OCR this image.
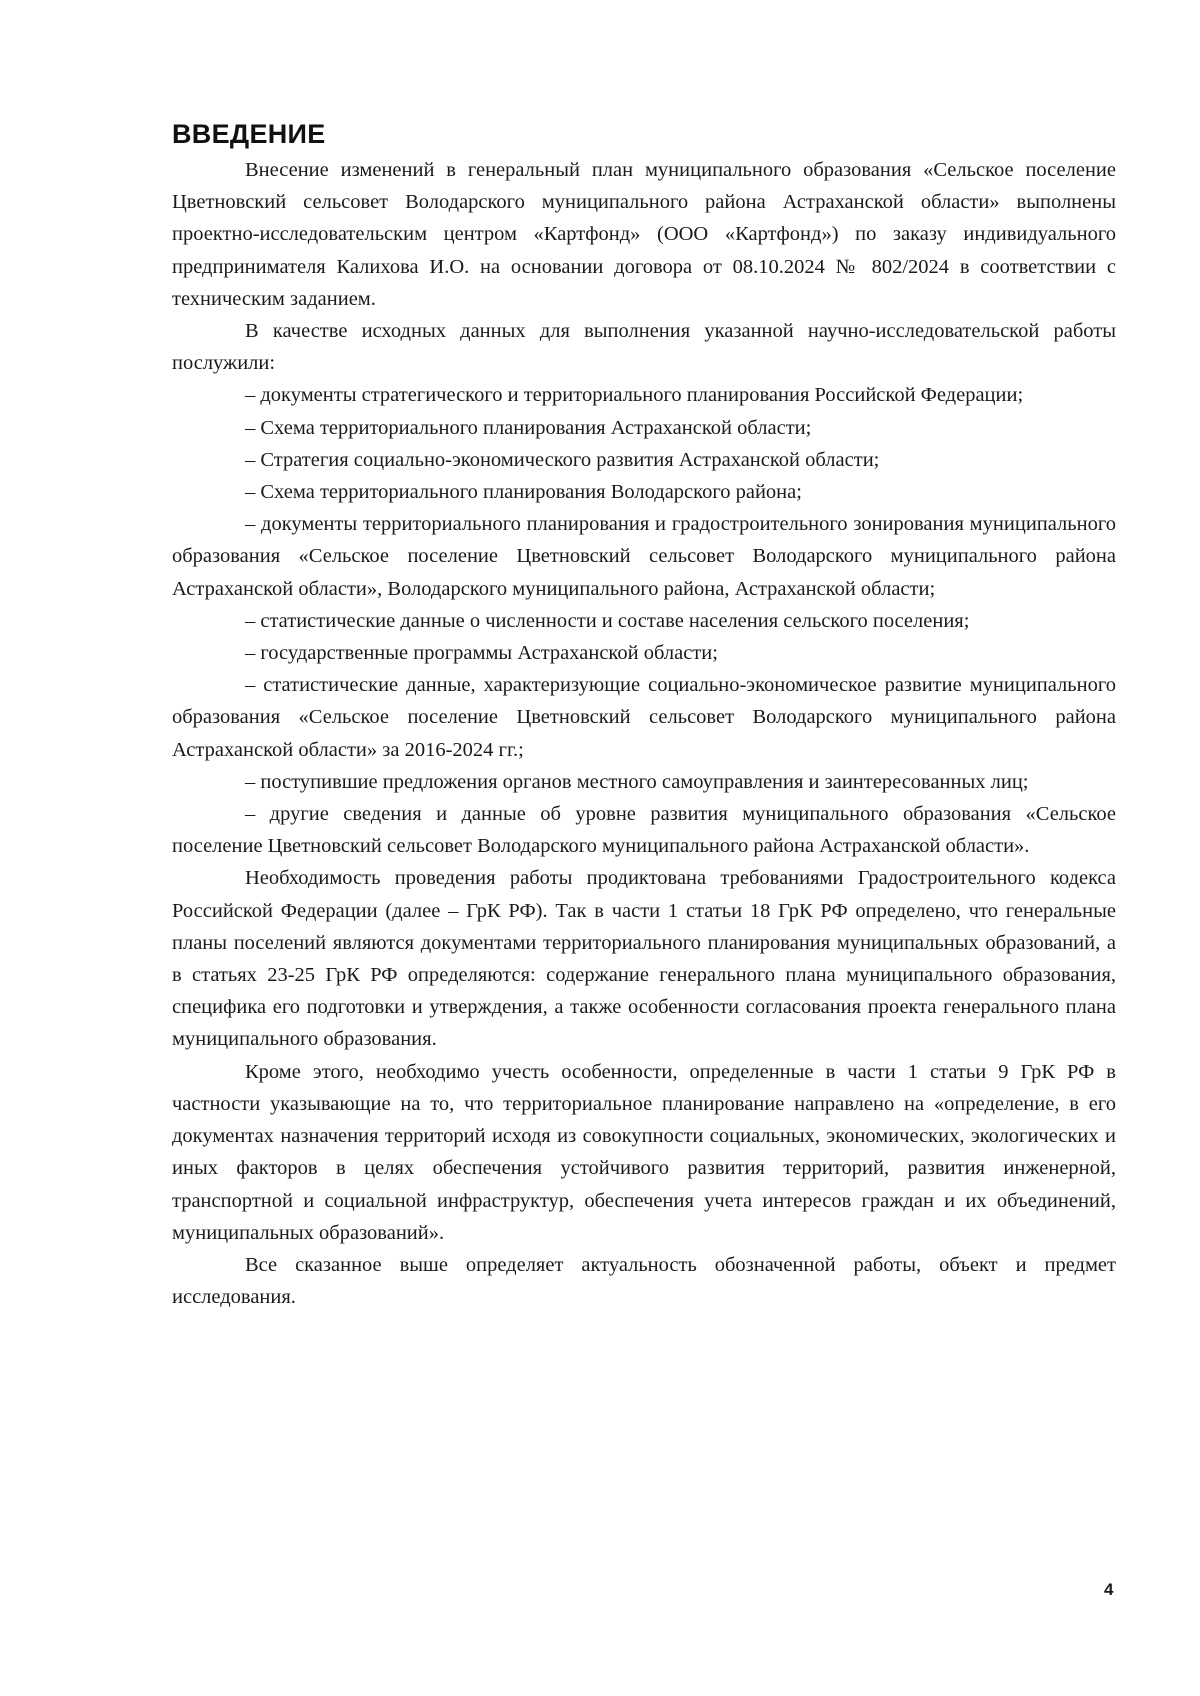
ВВЕДЕНИЕ

Внесение изменений в генеральный план муниципального образования «Сельское поселение Цветновский сельсовет Володарского муниципального района Астраханской области» выполнены проектно-исследовательским центром «Картфонд» (ООО «Картфонд») по заказу индивидуального предпринимателя Калихова И.О. на основании договора от 08.10.2024 № 802/2024 в соответствии с техническим заданием.

В качестве исходных данных для выполнения указанной научно-исследовательской работы послужили:

– документы стратегического и территориального планирования Российской Федерации;

– Схема территориального планирования Астраханской области;

– Стратегия социально-экономического развития Астраханской области;

– Схема территориального планирования Володарского района;

– документы территориального планирования и градостроительного зонирования муниципального образования «Сельское поселение Цветновский сельсовет Володарского муниципального района Астраханской области», Володарского муниципального района, Астраханской области;

– статистические данные о численности и составе населения сельского поселения;

– государственные программы Астраханской области;

– статистические данные, характеризующие социально-экономическое развитие муниципального образования «Сельское поселение Цветновский сельсовет Володарского муниципального района Астраханской области» за 2016-2024 гг.;

– поступившие предложения органов местного самоуправления и заинтересованных лиц;

– другие сведения и данные об уровне развития муниципального образования «Сельское поселение Цветновский сельсовет Володарского муниципального района Астраханской области».

Необходимость проведения работы продиктована требованиями Градостроительного кодекса Российской Федерации (далее – ГрК РФ). Так в части 1 статьи 18 ГрК РФ определено, что генеральные планы поселений являются документами территориального планирования муниципальных образований, а в статьях 23-25 ГрК РФ определяются: содержание генерального плана муниципального образования, специфика его подготовки и утверждения, а также особенности согласования проекта генерального плана муниципального образования.

Кроме этого, необходимо учесть особенности, определенные в части 1 статьи 9 ГрК РФ в частности указывающие на то, что территориальное планирование направлено на «определение, в его документах назначения территорий исходя из совокупности социальных, экономических, экологических и иных факторов в целях обеспечения устойчивого развития территорий, развития инженерной, транспортной и социальной инфраструктур, обеспечения учета интересов граждан и их объединений, муниципальных образований».

Все сказанное выше определяет актуальность обозначенной работы, объект и предмет исследования.

4
